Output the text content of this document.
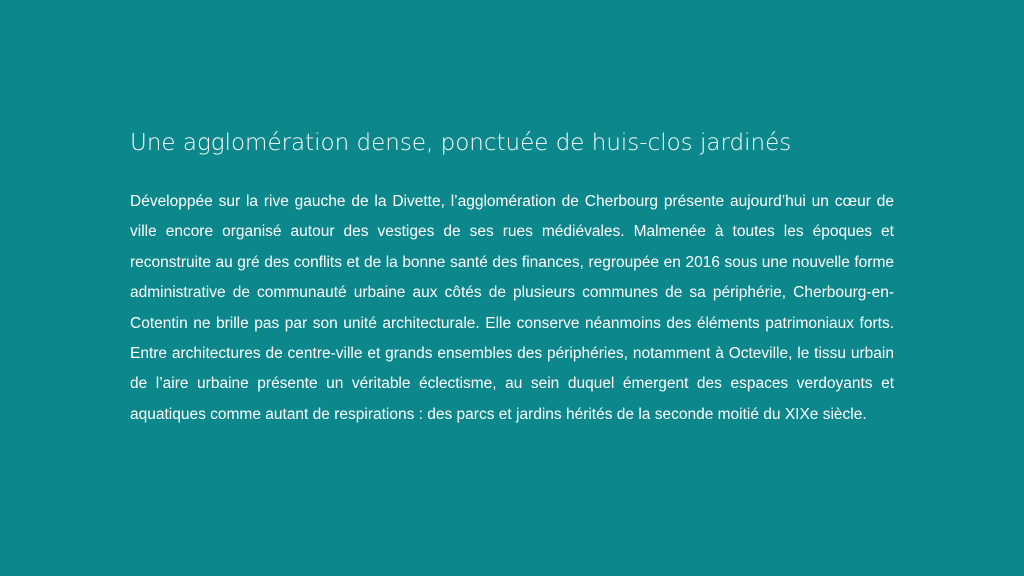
Une agglomération dense, ponctuée de huis-clos jardinés

Développée sur la rive gauche de la Divette, l’agglomération de Cherbourg présente aujourd’hui un cœur de ville encore organisé autour des vestiges de ses rues médiévales. Malmenée à toutes les époques et reconstruite au gré des conflits et de la bonne santé des finances, regroupée en 2016 sous une nouvelle forme administrative de communauté urbaine aux côtés de plusieurs communes de sa périphérie, Cherbourg-en-Cotentin ne brille pas par son unité architecturale. Elle conserve néanmoins des éléments patrimoniaux forts. Entre architectures de centre-ville et grands ensembles des périphéries, notamment à Octeville, le tissu urbain de l’aire urbaine présente un véritable éclectisme, au sein duquel émergent des espaces verdoyants et aquatiques comme autant de respirations : des parcs et jardins hérités de la seconde moitié du XIXe siècle.
